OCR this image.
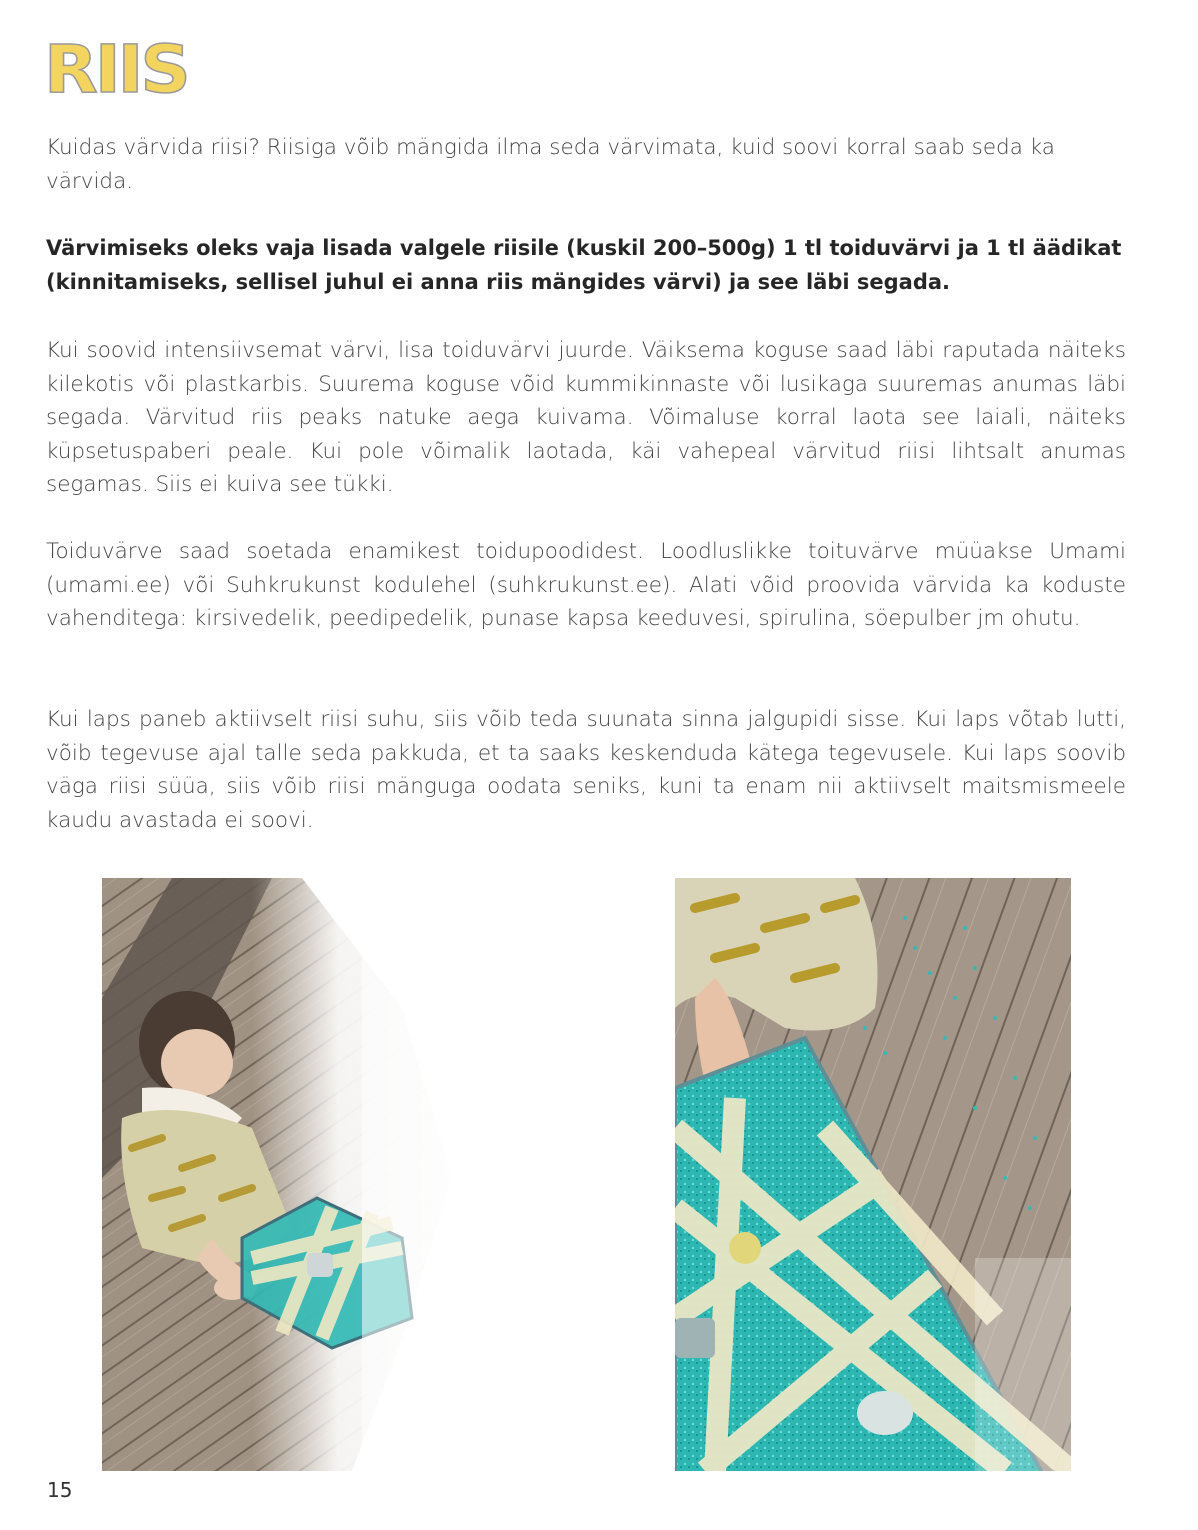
RIIS

Kuidas värvida riisi? Riisiga võib mängida ilma seda värvimata, kuid soovi korral saab seda ka värvida.

Värvimiseks oleks vaja lisada valgele riisile (kuskil 200–500g) 1 tl toiduvärvi ja 1 tl äädikat (kinnitamiseks, sellisel juhul ei anna riis mängides värvi) ja see läbi segada.

Kui soovid intensiivsemat värvi, lisa toiduvärvi juurde. Väiksema koguse saad läbi raputada näiteks kilekotis või plastkarbis. Suurema koguse võid kummikinnaste või lusikaga suuremas anumas läbi segada. Värvitud riis peaks natuke aega kuivama. Võimaluse korral laota see laiali, näiteks küpsetuspaberi peale. Kui pole võimalik laotada, käi vahepeal värvitud riisi lihtsalt anumas segamas. Siis ei kuiva see tükki.

Toiduvärve saad soetada enamikest toidupoodidest. Loodluslikke toituvärve müüakse Umami (umami.ee) või Suhkrukunst kodulehel (suhkrukunst.ee). Alati võid proovida värvida ka koduste vahenditega: kirsivedelik, peedipedelik, punase kapsa keeduvesi, spirulina, söepulber jm ohutu.

Kui laps paneb aktiivselt riisi suhu, siis võib teda suunata sinna jalgupidi sisse. Kui laps võtab lutti, võib tegevuse ajal talle seda pakkuda, et ta saaks keskenduda kätega tegevusele. Kui laps soovib väga riisi süüa, siis võib riisi mänguga oodata seniks, kuni ta enam nii aktiivselt maitsmismeele kaudu avastada ei soovi.

15
